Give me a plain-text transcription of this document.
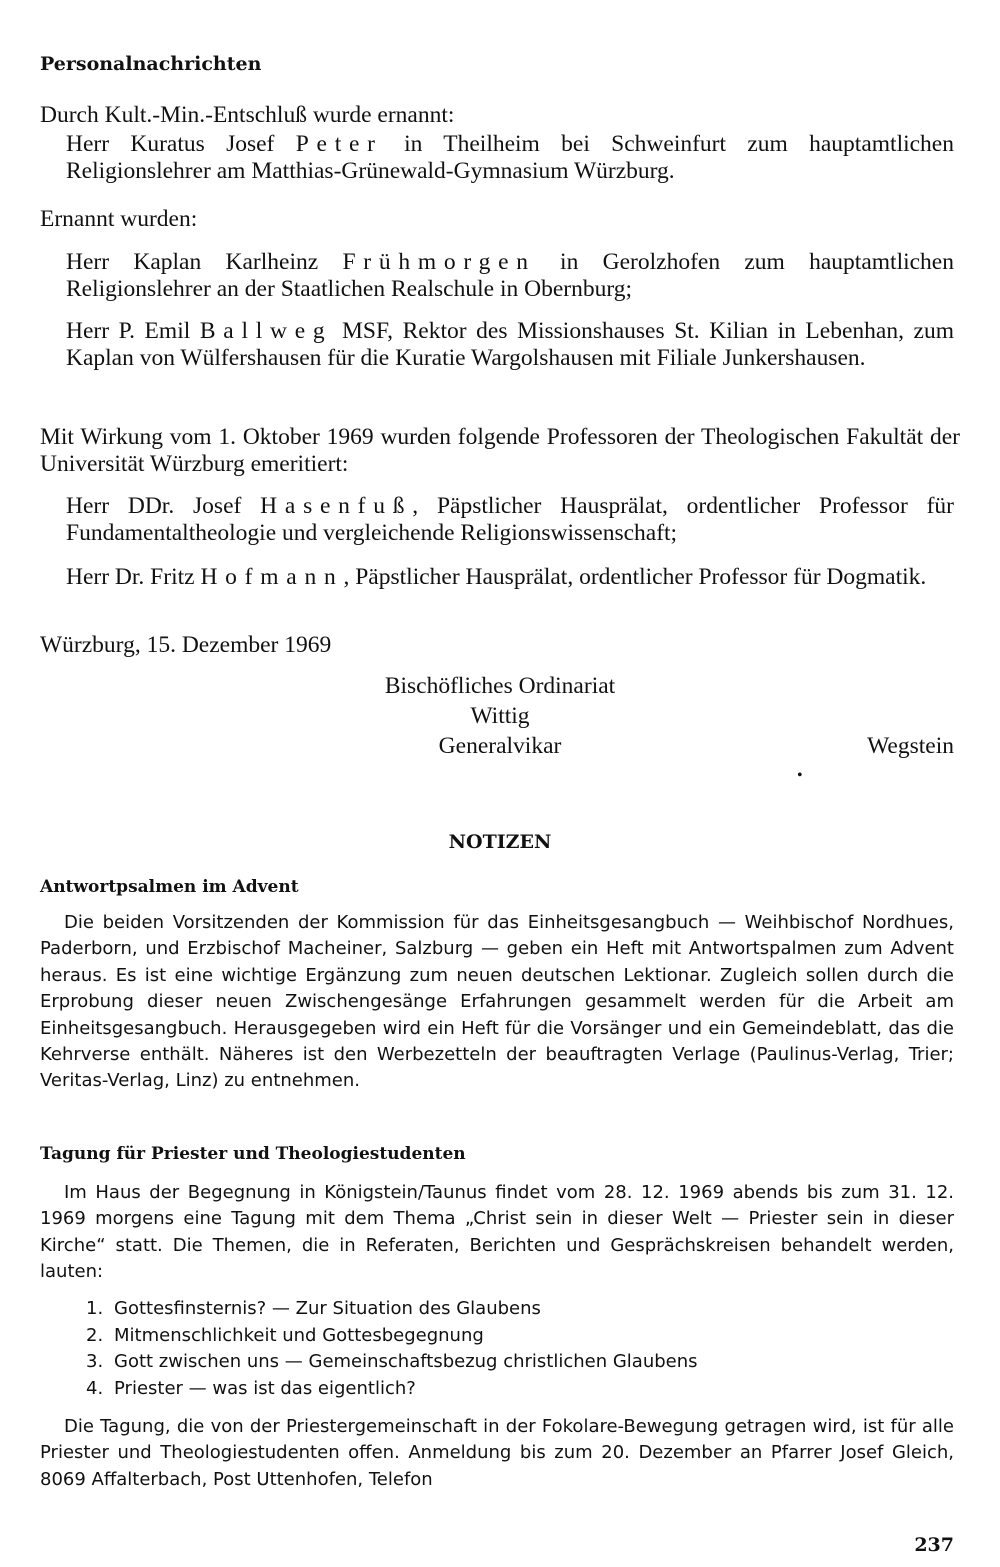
Personalnachrichten
Durch Kult.-Min.-Entschluß wurde ernannt:
Herr Kuratus Josef Peter in Theilheim bei Schweinfurt zum hauptamtlichen Religionslehrer am Matthias-Grünewald-Gymnasium Würzburg.
Ernannt wurden:
Herr Kaplan Karlheinz Frühmorgen in Gerolzhofen zum hauptamtlichen Religionslehrer an der Staatlichen Realschule in Obernburg;
Herr P. Emil Ballweg MSF, Rektor des Missionshauses St. Kilian in Lebenhan, zum Kaplan von Wülfershausen für die Kuratie Wargolshausen mit Filiale Junkershausen.
Mit Wirkung vom 1. Oktober 1969 wurden folgende Professoren der Theologischen Fakultät der Universität Würzburg emeritiert:
Herr DDr. Josef Hasenfuß, Päpstlicher Hausprälat, ordentlicher Professor für Fundamentaltheologie und vergleichende Religionswissenschaft;
Herr Dr. Fritz Hofmann, Päpstlicher Hausprälat, ordentlicher Professor für Dogmatik.
Würzburg, 15. Dezember 1969
Bischöfliches Ordinariat
Wittig
Generalvikar	Wegstein
•
NOTIZEN
Antwortpsalmen im Advent
Die beiden Vorsitzenden der Kommission für das Einheitsgesangbuch — Weihbischof Nordhues, Paderborn, und Erzbischof Macheiner, Salzburg — geben ein Heft mit Antwortspalmen zum Advent heraus. Es ist eine wichtige Ergänzung zum neuen deutschen Lektionar. Zugleich sollen durch die Erprobung dieser neuen Zwischengesänge Erfahrungen gesammelt werden für die Arbeit am Einheitsgesangbuch. Herausgegeben wird ein Heft für die Vorsänger und ein Gemeindeblatt, das die Kehrverse enthält. Näheres ist den Werbezetteln der beauftragten Verlage (Paulinus-Verlag, Trier; Veritas-Verlag, Linz) zu entnehmen.
Tagung für Priester und Theologiestudenten
Im Haus der Begegnung in Königstein/Taunus findet vom 28. 12. 1969 abends bis zum 31. 12. 1969 morgens eine Tagung mit dem Thema „Christ sein in dieser Welt — Priester sein in dieser Kirche“ statt. Die Themen, die in Referaten, Berichten und Gesprächskreisen behandelt werden, lauten:
1. Gottesfinsternis? — Zur Situation des Glaubens
2. Mitmenschlichkeit und Gottesbegegnung
3. Gott zwischen uns — Gemeinschaftsbezug christlichen Glaubens
4. Priester — was ist das eigentlich?
Die Tagung, die von der Priestergemeinschaft in der Fokolare-Bewegung getragen wird, ist für alle Priester und Theologiestudenten offen. Anmeldung bis zum 20. Dezember an Pfarrer Josef Gleich, 8069 Affalterbach, Post Uttenhofen, Telefon
237
